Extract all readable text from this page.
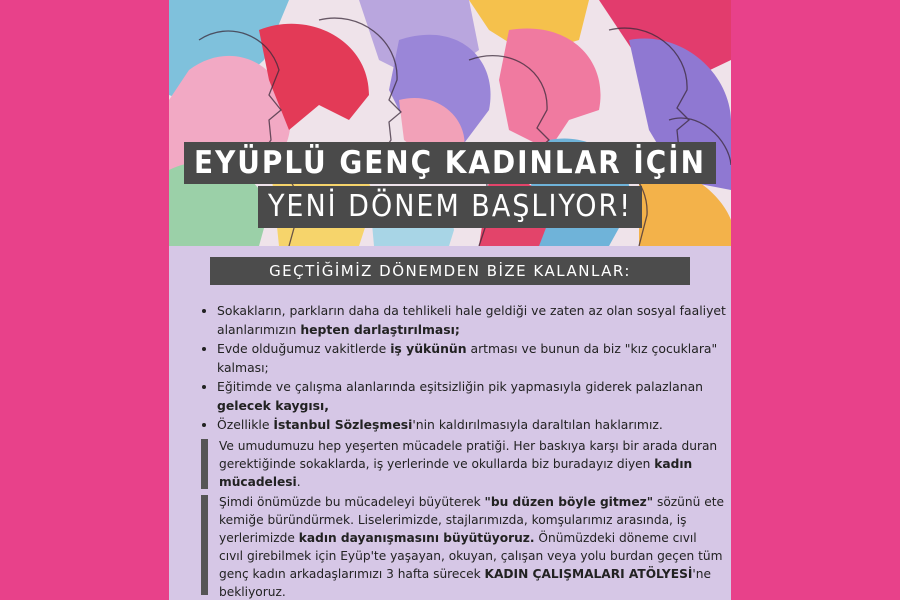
EYÜPLÜ GENÇ KADINLAR İÇİN
YENİ DÖNEM BAŞLIYOR!
GEÇTİĞİMİZ DÖNEMDEN BİZE KALANLAR:
• Sokakların, parkların daha da tehlikeli hale geldiği ve zaten az olan sosyal faaliyet alanlarımızın hepten darlaştırılması;
• Evde olduğumuz vakitlerde iş yükünün artması ve bunun da biz "kız çocuklara" kalması;
• Eğitimde ve çalışma alanlarında eşitsizliğin pik yapmasıyla giderek palazlanan gelecek kaygısı,
• Özellikle İstanbul Sözleşmesi'nin kaldırılmasıyla daraltılan haklarımız.
Ve umudumuzu hep yeşerten mücadele pratiği. Her baskıya karşı bir arada duran gerektiğinde sokaklarda, iş yerlerinde ve okullarda biz buradayız diyen kadın mücadelesi.
Şimdi önümüzde bu mücadeleyi büyüterek "bu düzen böyle gitmez" sözünü ete kemiğe büründürmek. Liselerimizde, stajlarımızda, komşularımız arasında, iş yerlerimizde kadın dayanışmasını büyütüyoruz. Önümüzdeki döneme cıvıl cıvıl girebilmek için Eyüp'te yaşayan, okuyan, çalışan veya yolu burdan geçen tüm genç kadın arkadaşlarımızı 3 hafta sürecek KADIN ÇALIŞMALARI ATÖLYESİ'ne bekliyoruz.
